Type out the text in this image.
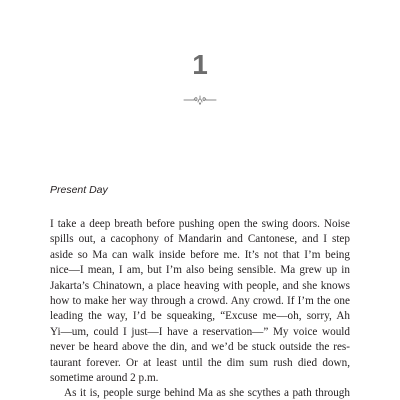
1
Present Day

I take a deep breath before pushing open the swing doors. Noise
spills out, a cacophony of Mandarin and Cantonese, and I step
aside so Ma can walk inside before me. It’s not that I’m being
nice—I mean, I am, but I’m also being sensible. Ma grew up in
Jakarta’s Chinatown, a place heaving with people, and she knows
how to make her way through a crowd. Any crowd. If I’m the one
leading the way, I’d be squeaking, “Excuse me—oh, sorry, Ah
Yi—um, could I just—I have a reservation—” My voice would
never be heard above the din, and we’d be stuck outside the res-
taurant forever. Or at least until the dim sum rush died down,
sometime around 2 p.m.

As it is, people surge behind Ma as she scythes a path through
